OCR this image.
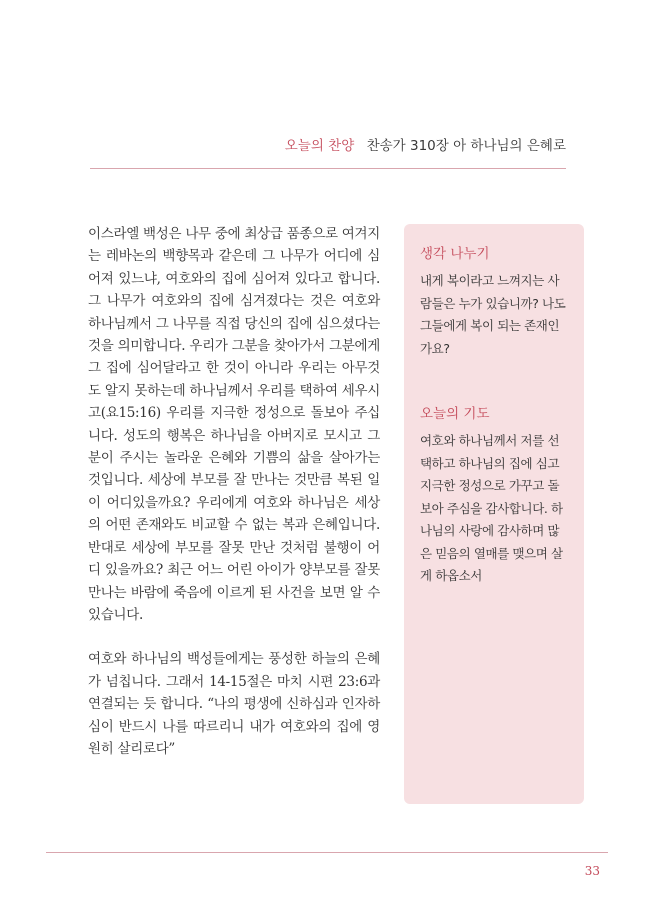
오늘의 찬양 찬송가 310장 아 하나님의 은혜로

이스라엘 백성은 나무 중에 최상급 품종으로 여겨지는 레바논의 백향목과 같은데 그 나무가 어디에 심어져 있느냐, 여호와의 집에 심어져 있다고 합니다. 그 나무가 여호와의 집에 심겨졌다는 것은 여호와 하나님께서 그 나무를 직접 당신의 집에 심으셨다는 것을 의미합니다. 우리가 그분을 찾아가서 그분에게 그 집에 심어달라고 한 것이 아니라 우리는 아무것도 알지 못하는데 하나님께서 우리를 택하여 세우시고(요15:16) 우리를 지극한 정성으로 돌보아 주십니다. 성도의 행복은 하나님을 아버지로 모시고 그분이 주시는 놀라운 은혜와 기쁨의 삶을 살아가는 것입니다. 세상에 부모를 잘 만나는 것만큼 복된 일이 어디있을까요? 우리에게 여호와 하나님은 세상의 어떤 존재와도 비교할 수 없는 복과 은혜입니다. 반대로 세상에 부모를 잘못 만난 것처럼 불행이 어디 있을까요? 최근 어느 어린 아이가 양부모를 잘못 만나는 바람에 죽음에 이르게 된 사건을 보면 알 수 있습니다.

여호와 하나님의 백성들에게는 풍성한 하늘의 은혜가 넘칩니다. 그래서 14-15절은 마치 시편 23:6과 연결되는 듯 합니다. “나의 평생에 신하심과 인자하심이 반드시 나를 따르리니 내가 여호와의 집에 영원히 살리로다”

생각 나누기

내게 복이라고 느껴지는 사람들은 누가 있습니까? 나도 그들에게 복이 되는 존재인가요?

오늘의 기도

여호와 하나님께서 저를 선택하고 하나님의 집에 심고 지극한 정성으로 가꾸고 돌보아 주심을 감사합니다. 하나님의 사랑에 감사하며 많은 믿음의 열매를 맺으며 살게 하옵소서

33
